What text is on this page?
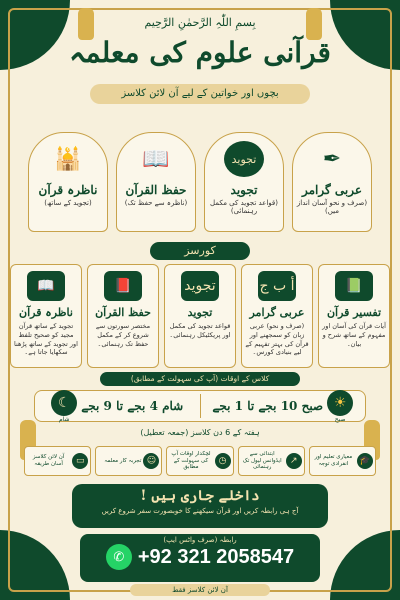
بِسمِ اللّٰہِ الرَّحمٰنِ الرَّحِیم
قرآنی علوم کی معلمہ
بچوں اور خواتین کے لیے آن لائن کلاسز
✒
عربی گرامر
(صرف و نحو آسان انداز میں)
تجوید
تجوید
(قواعد تجوید کی مکمل رہنمائی)
📖
حفظ القرآن
(ناظرہ سے حفظ تک)
🕌
ناظرہ قرآن
(تجوید کے ساتھ)
کورسز
📗
تفسیر قرآن
آیات قرآن کی آسان اور مفہوم کے ساتھ شرح و بیان۔
أ ب ج
عربی گرامر
(صرف و نحو) عربی زبان کو سمجھنے اور قرآن کی بہتر تفہیم کے لیے بنیادی کورس۔
تجوید
تجوید
قواعد تجوید کی مکمل اور پریکٹیکل رہنمائی۔
📕
حفظ القرآن
مختصر سورتوں سے شروع کر کے مکمل حفظ تک رہنمائی۔
📖
ناظرہ قرآن
تجوید کے ساتھ قرآن مجید کو صحیح تلفظ اور تجوید کے ساتھ پڑھنا سکھایا جاتا ہے۔
کلاس کے اوقات (آپ کی سہولت کے مطابق)
☀
صبح
صبح 10 بجے تا 1 بجے
شام 4 بجے تا 9 بجے
☾
شام
ہفتہ کے 6 دن کلاسز (جمعہ تعطیل)
🎓
معیاری تعلیم اور انفرادی توجہ
↗
ابتدائی سے ایڈوانس لیول تک رہنمائی
◷
لچکدار اوقات آپ کی سہولت کے مطابق
☺
تجربہ کار معلمہ
▭
آن لائن کلاسز آسان طریقہ
داخلے جاری ہیں !
آج ہی رابطہ کریں اور قرآن سیکھنے کا خوبصورت سفر شروع کریں
رابطہ (صرف واٹس ایپ)
✆ +92 321 2058547
آن لائن کلاسز فقط
